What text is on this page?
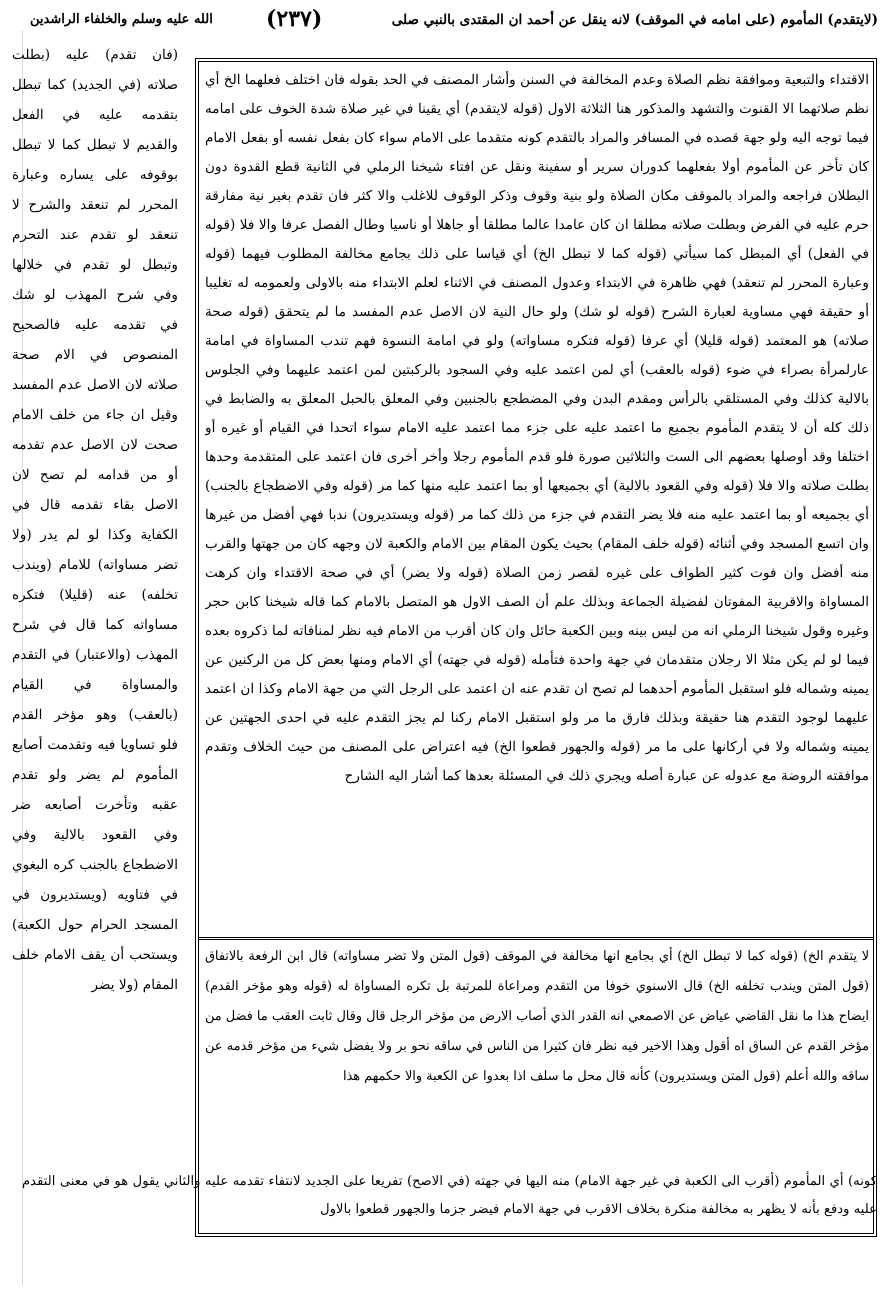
(لايتقدم) المأموم (على امامه في الموقف) لانه ينقل عن أحمد ان المقتدى بالنبي صلى
(٢٣٧)
الله عليه وسلم والخلفاء الراشدين

(فان تقدم) عليه (بطلت صلاته (في الجديد) كما تبطل بتقدمه عليه في الفعل والقديم لا تبطل كما لا تبطل بوقوفه على يساره وعبارة المحرر لم تنعقد والشرح لا تنعقد لو تقدم عند التحرم وتبطل لو تقدم في خلالها وفي شرح المهذب لو شك في تقدمه عليه فالصحيح المنصوص في الام صحة صلاته لان الاصل عدم المفسد وقيل ان جاء من خلف الامام صحت لان الاصل عدم تقدمه أو من قدامه لم تصح لان الاصل بقاء تقدمه قال في الكفاية وكذا لو لم يدر (ولا تضر مساواته) للامام (ويندب تخلفه) عنه (قليلا) فتكره مساواته كما قال في شرح المهذب (والاعتبار) في التقدم والمساواة في القيام (بالعقب) وهو مؤخر القدم فلو تساويا فيه وتقدمت أصابع المأموم لم يضر ولو تقدم عقبه وتأخرت أصابعه ضر وفي القعود بالالية وفي الاضطجاع بالجنب كره البغوي في فتاويه (ويستديرون في المسجد الحرام حول الكعبة) ويستحب أن يقف الامام خلف المقام (ولا يضر

الاقتداء والتبعية وموافقة نظم الصلاة وعدم المخالفة في السنن وأشار المصنف في الحد بقوله فان اختلف فعلهما الخ أي نظم صلاتهما الا القنوت والتشهد والمذكور هنا الثلاثة الاول (قوله لايتقدم) أي يقينا في غير صلاة شدة الخوف على امامه فيما توجه اليه ولو جهة قصده في المسافر والمراد بالتقدم كونه متقدما على الامام سواء كان بفعل نفسه أو بفعل الامام كان تأخر عن المأموم أولا بفعلهما كدوران سرير أو سفينة ونقل عن افتاء شيخنا الرملي في الثانية قطع القدوة دون البطلان فراجعه والمراد بالموقف مكان الصلاة ولو بنية وقوف وذكر الوقوف للاغلب والا كثر فان تقدم بغير نية مفارقة حرم عليه في الفرض وبطلت صلاته مطلقا ان كان عامدا عالما مطلقا أو جاهلا أو ناسيا وطال الفصل عرفا والا فلا (قوله في الفعل) أي المبطل كما سيأتي (قوله كما لا تبطل الخ) أي قياسا على ذلك بجامع مخالفة المطلوب فيهما (قوله وعبارة المحرر لم تنعقد) فهي ظاهرة في الابتداء وعدول المصنف في الاثناء لعلم الابتداء منه بالاولى ولعمومه له تغليبا أو حقيقة فهي مساوية لعبارة الشرح (قوله لو شك) ولو حال النية لان الاصل عدم المفسد ما لم يتحقق (قوله صحة صلاته) هو المعتمد (قوله قليلا) أي عرفا (قوله فتكره مساواته) ولو في امامة النسوة فهم تندب المساواة في امامة عارلمرأة بصراء في ضوء (قوله بالعقب) أي لمن اعتمد عليه وفي السجود بالركبتين لمن اعتمد عليهما وفي الجلوس بالالية كذلك وفي المستلقي بالرأس ومقدم البدن وفي المضطجع بالجنبين وفي المعلق بالحبل المعلق به والضابط في ذلك كله أن لا يتقدم المأموم بجميع ما اعتمد عليه على جزء مما اعتمد عليه الامام سواء اتحدا في القيام أو غيره أو اختلفا وقد أوصلها بعضهم الى الست والثلاثين صورة فلو قدم المأموم رجلا وأخر أخرى فان اعتمد على المتقدمة وحدها بطلت صلاته والا فلا (قوله وفي القعود بالالية) أي بجميعها أو بما اعتمد عليه منها كما مر (قوله وفي الاضطجاع بالجنب) أي بجميعه أو بما اعتمد عليه منه فلا يضر التقدم في جزء من ذلك كما مر (قوله ويستديرون) ندبا فهي أفضل من غيرها وان اتسع المسجد وفي أثنائه (قوله خلف المقام) بحيث يكون المقام بين الامام والكعبة لان وجهه كان من جهتها والقرب منه أفضل وان فوت كثير الطواف على غيره لقصر زمن الصلاة (قوله ولا يضر) أي في صحة الاقتداء وان كرهت المساواة والاقربية المفوتان لفضيلة الجماعة وبذلك علم أن الصف الاول هو المتصل بالامام كما قاله شيخنا كابن حجر وغيره وقول شيخنا الرملي انه من ليس بينه وبين الكعبة حائل وان كان أقرب من الامام فيه نظر لمنافاته لما ذكروه بعده فيما لو لم يكن مثلا الا رجلان متقدمان في جهة واحدة فتأمله (قوله في جهته) أي الامام ومنها بعض كل من الركنين عن يمينه وشماله فلو استقبل المأموم أحدهما لم تصح ان تقدم عنه ان اعتمد على الرجل التي من جهة الامام وكذا ان اعتمد عليهما لوجود التقدم هنا حقيقة وبذلك فارق ما مر ولو استقبل الامام ركنا لم يجز التقدم عليه في احدى الجهتين عن يمينه وشماله ولا في أركانها على ما مر (قوله والجهور قطعوا الخ) فيه اعتراض على المصنف من حيث الخلاف وتقدم موافقته الروضة مع عدوله عن عبارة أصله ويجري ذلك في المسئلة بعدها كما أشار اليه الشارح

لا يتقدم الخ) (قوله كما لا تبطل الخ) أي بجامع انها مخالفة في الموقف (قول المتن ولا تضر مساواته) قال ابن الرفعة بالاتفاق (قول المتن ويندب تخلفه الخ) قال الاسنوي خوفا من التقدم ومراعاة للمرتبة بل تكره المساواة له (قوله وهو مؤخر القدم) ايضاح هذا ما نقل القاضي عياض عن الاصمعي انه القدر الذي أصاب الارض من مؤخر الرجل قال وقال ثابت العقب ما فضل من مؤخر القدم عن الساق اه أقول وهذا الاخير فيه نظر فان كثيرا من الناس في ساقه نحو بر ولا يفضل شيء من مؤخر قدمه عن ساقه والله أعلم (قول المتن ويستديرون) كأنه قال محل ما سلف اذا بعدوا عن الكعبة والا حكمهم هذا

كونه) أي المأموم (أقرب الى الكعبة في غير جهة الامام) منه اليها في جهته (في الاصح) تفريعا على الجديد لانتفاء تقدمه عليه والثاني يقول هو في معنى التقدم عليه ودفع بأنه لا يظهر به مخالفة منكرة بخلاف الاقرب في جهة الامام فيضر جزما والجهور قطعوا بالاول
